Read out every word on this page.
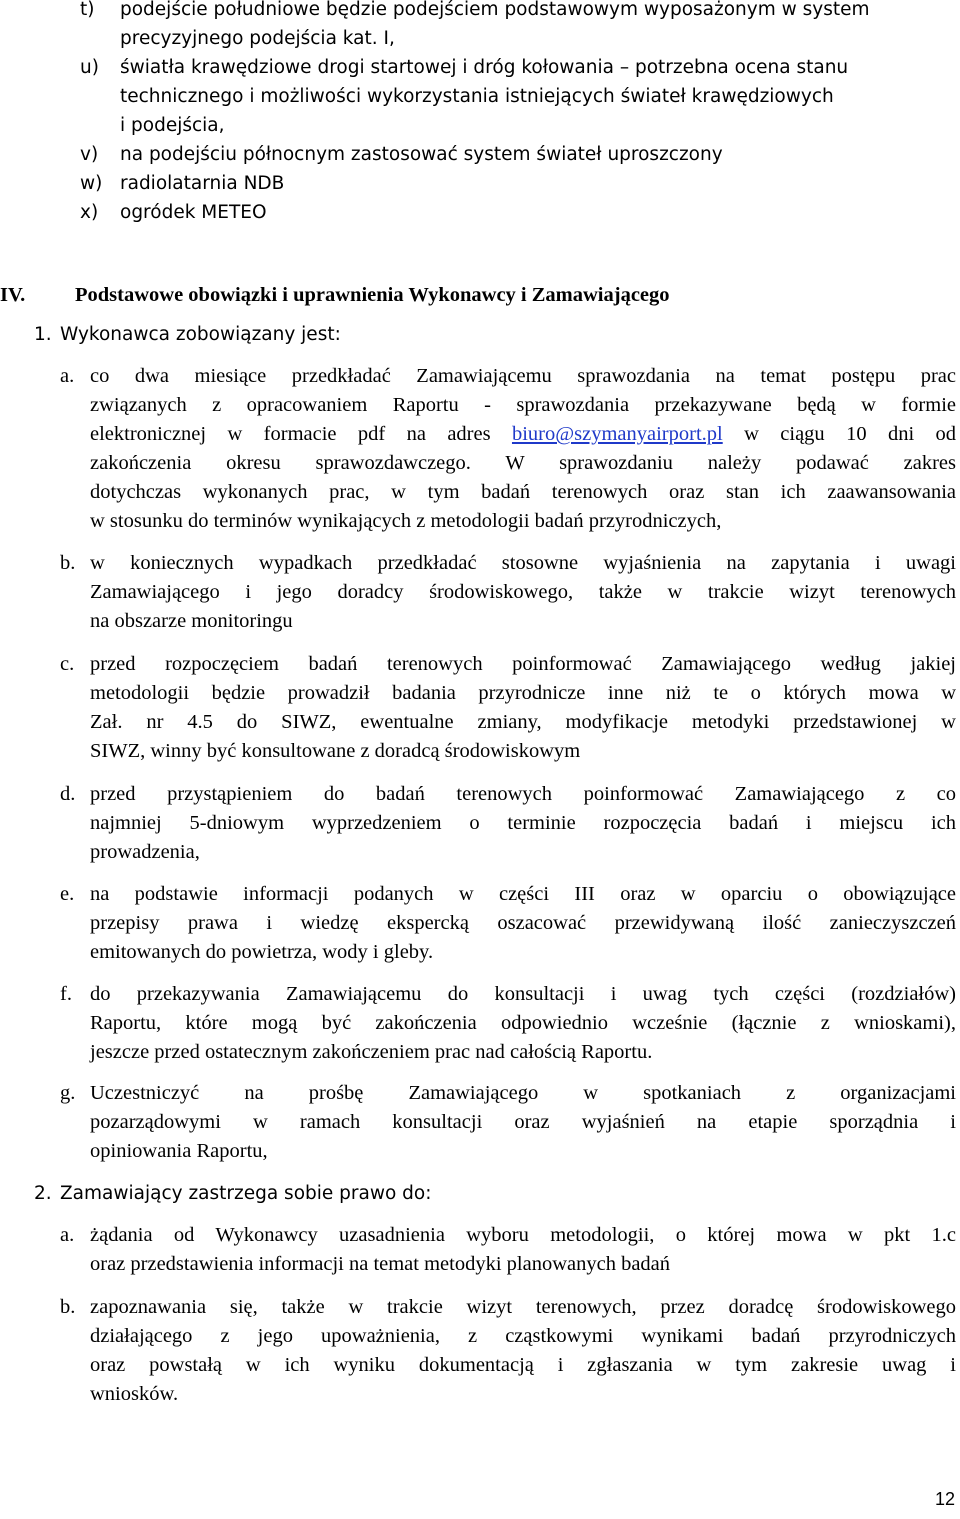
t) podejście południowe będzie podejściem podstawowym wyposażonym w system
precyzyjnego podejścia kat. I,
u) światła krawędziowe drogi startowej i dróg kołowania – potrzebna ocena stanu
technicznego i możliwości wykorzystania istniejących świateł krawędziowych
i podejścia,
v) na podejściu północnym zastosować system świateł uproszczony
w) radiolatarnia NDB
x) ogródek METEO
IV. Podstawowe obowiązki i uprawnienia Wykonawcy i Zamawiającego
1. Wykonawca zobowiązany jest:
a. co dwa miesiące przedkładać Zamawiającemu sprawozdania na temat postępu prac
związanych z opracowaniem Raportu - sprawozdania przekazywane będą w formie
elektronicznej w formacie pdf na adres biuro@szymanyairport.pl w ciągu 10 dni od
zakończenia okresu sprawozdawczego. W sprawozdaniu należy podawać zakres
dotychczas wykonanych prac, w tym badań terenowych oraz stan ich zaawansowania
w stosunku do terminów wynikających z metodologii badań przyrodniczych,
b. w koniecznych wypadkach przedkładać stosowne wyjaśnienia na zapytania i uwagi
Zamawiającego i jego doradcy środowiskowego, także w trakcie wizyt terenowych
na obszarze monitoringu
c. przed rozpoczęciem badań terenowych poinformować Zamawiającego według jakiej
metodologii będzie prowadził badania przyrodnicze inne niż te o których mowa w
Zał. nr 4.5 do SIWZ, ewentualne zmiany, modyfikacje metodyki przedstawionej w
SIWZ, winny być konsultowane z doradcą środowiskowym
d. przed przystąpieniem do badań terenowych poinformować Zamawiającego z co
najmniej 5-dniowym wyprzedzeniem o terminie rozpoczęcia badań i miejscu ich
prowadzenia,
e. na podstawie informacji podanych w części III oraz w oparciu o obowiązujące
przepisy prawa i wiedzę ekspercką oszacować przewidywaną ilość zanieczyszczeń
emitowanych do powietrza, wody i gleby.
f. do przekazywania Zamawiającemu do konsultacji i uwag tych części (rozdziałów)
Raportu, które mogą być zakończenia odpowiednio wcześnie (łącznie z wnioskami),
jeszcze przed ostatecznym zakończeniem prac nad całością Raportu.
g. Uczestniczyć na prośbę Zamawiającego w spotkaniach z organizacjami
pozarządowymi w ramach konsultacji oraz wyjaśnień na etapie sporządnia i
opiniowania Raportu,
2. Zamawiający zastrzega sobie prawo do:
a. żądania od Wykonawcy uzasadnienia wyboru metodologii, o której mowa w pkt 1.c
oraz przedstawienia informacji na temat metodyki planowanych badań
b. zapoznawania się, także w trakcie wizyt terenowych, przez doradcę środowiskowego
działającego z jego upoważnienia, z cząstkowymi wynikami badań przyrodniczych
oraz powstałą w ich wyniku dokumentacją i zgłaszania w tym zakresie uwag i
wniosków.
12
